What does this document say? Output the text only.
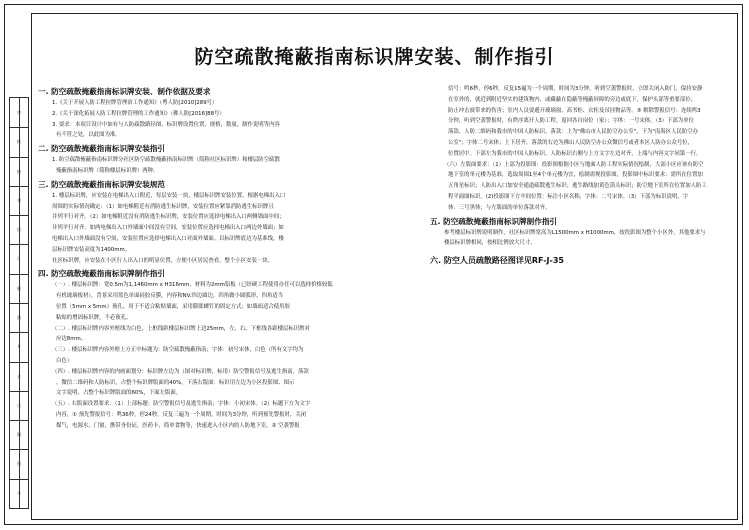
审
核
校
对
设
计
制
图
专
业
日
期
图
号
防空疏散掩蔽指南标识牌安装、制作指引
一. 防空疏散掩蔽指南标识牌安装、制作依据及要求
1.《关于开展人防工程拉牌管理治工作通知》（粤人防[2010]289号）
2.《关于深化拓展人防工程拉牌管理的工作通知》（佛人防[2016]88号）
3. 要求：本项目设计中如有与人防疏散路径图、标识牌设置位置，规格，数量，制作说明等内容
有不符之处，以此图为准。
二. 防空疏散掩蔽指南标识牌安装指引
1. 防空疏散掩蔽指南标识牌分社区防空疏散掩蔽指南标识牌（简称社区标识牌）和楼层防空疏散
掩蔽指南标识牌（简称楼层标识牌）两种。
三. 防空疏散掩蔽指南标识牌安装规范
1. 楼层标识牌，应安装在电梯出入口附近，每层安装一块，楼层标识牌安装位置，根据电梯出入口
周围的实际情况确定：（1）如电梯附近有消防逃生标识牌，安装位置应紧靠消防逃生标识牌且
并列平行对齐。（2）如电梯附近没有消防逃生标识牌，安装位置应选择电梯出入口两侧墙面中间；
并列平行对齐。如两电梯出入口外墙面中间没有空间，安装位置应选择电梯出入口两边外墙面；如
电梯出入口外墙面没有空间，安装位置应选择电梯出入口对面外墙面。以标识牌底边为基准线，楼
层标识牌安装高度为1400mm。
社区标识牌，应安装在小区行人出入口的明显位置，方便小区居民查看，整个小区安装一块。
四. 防空疏散掩蔽指南标识牌制作指引
（一）. 楼层标识牌：宽0.5m为1,1460mm x H316mm，材料为2mm铝板（已经硬工程使用办任可以选择价格较低
有机玻璃板材），背景采用蓝色单面硅胶反膜，内容和NV.四边圆边，四角做小圆弧形，四角适当
位置（5mm x 5mm）预孔，用于不适合粘贴墙面，采用膨胀螺钉的固定方式；如墙面适合使用胶
粘贴的增固标识牌，不必预孔。
（二）. 楼层标识牌内容外框线为白色，上框线距楼层标识牌上边25mm，左、右、下框线各距楼层标识牌对
应边8mm。
（三）. 楼层标识牌内容外框上方正中标题为：防空疏散掩蔽指南；字体：初号宋体，白色（所有文字均为
白色）
（四）. 楼层标识牌内容的内画面划分：标识牌左边为（图对标识牌，标用）防空警报信号及逃生指南，落款
，微信二维码和人防标识，占整个标识牌版面的40%，下落右版面：标识用左边为小区投影图、图示
文字说明，占整个标识牌版面的60%，下面左版面。
（五）. 右版面设置要求：（1）上部标题：防空警报信号及逃生指南；字体：小初宋体。（2）标题下方为文字
内容，① 预先警报信号：鸣36秒，停24秒，反复三遍为一个周期，时间为3分钟，听到预先警报时，关闭
煤气，电源水，门窗，携带身份证，医药卡，简单食物等，快速进入小区内的人防地下室。② 空袭警报
信号：鸣6秒，停6秒，反复15遍为一个周期，时间为3分钟，听到空袭警报时，立即关闭入防门，保持安静
在室外的，就近到附近坚实的建筑物内，或藏蔽在隐蔽等掩蔽屏障的旁边或底下，保护头部等重要部位；
防止冲击波带来的伤害；室内人员要避开玻璃窗、高书柜、衣柜及吊挂物品等。③ 解除警报信号：连续鸣3
分钟，听到空袭警报时，有秩序离开人防工程。返回各自岗位（家）；字体：一号宋体。（3）下部为单位
落款、人防二维码和我市的中国人防标识。落款：上为"佛山市人民防空办公室"，下为"南海区人民防空办
公室"；字体二号宋体；上下居齐，落款的右边为佛山人民防空办公众微信号或者本区人防办公众号位，
位置居中。下部左为我市的中国人防标识。人防标识右侧与上方文字左边对齐，上端与内容文字同第一行。
（六）左版面要求：（1）上部为投影图：投影图根据小区与地面人防工程实际情况绘制，大部小区应该有防空
地下室的单元楼为基准，选取周围1至4个单元楼为宜，绘制需规投影图，投影图中标识要求：需所在位置加
五角星标识；人防出入口加安全通道疏散逃生标识；逃生路线加黄色箭头标识；防空地下室所在位置加人防工
程平面图标识。(2)投影图下方中间位置：标注小区名称，字体：二号宋体。（3）下部为标识说明，字
体：三号黑体；与左版面的单位落款对齐。
五. 防空疏散掩蔽指南标识牌制作指引
参考楼层标识牌说明制作，社区标识牌宽高为L1500mm x H1000mm，按投影图为整个小区外，其他要求与
楼层标识牌相同，按相比例放大尺寸。
六. 防空人员疏散路径图详见RF-J-35
